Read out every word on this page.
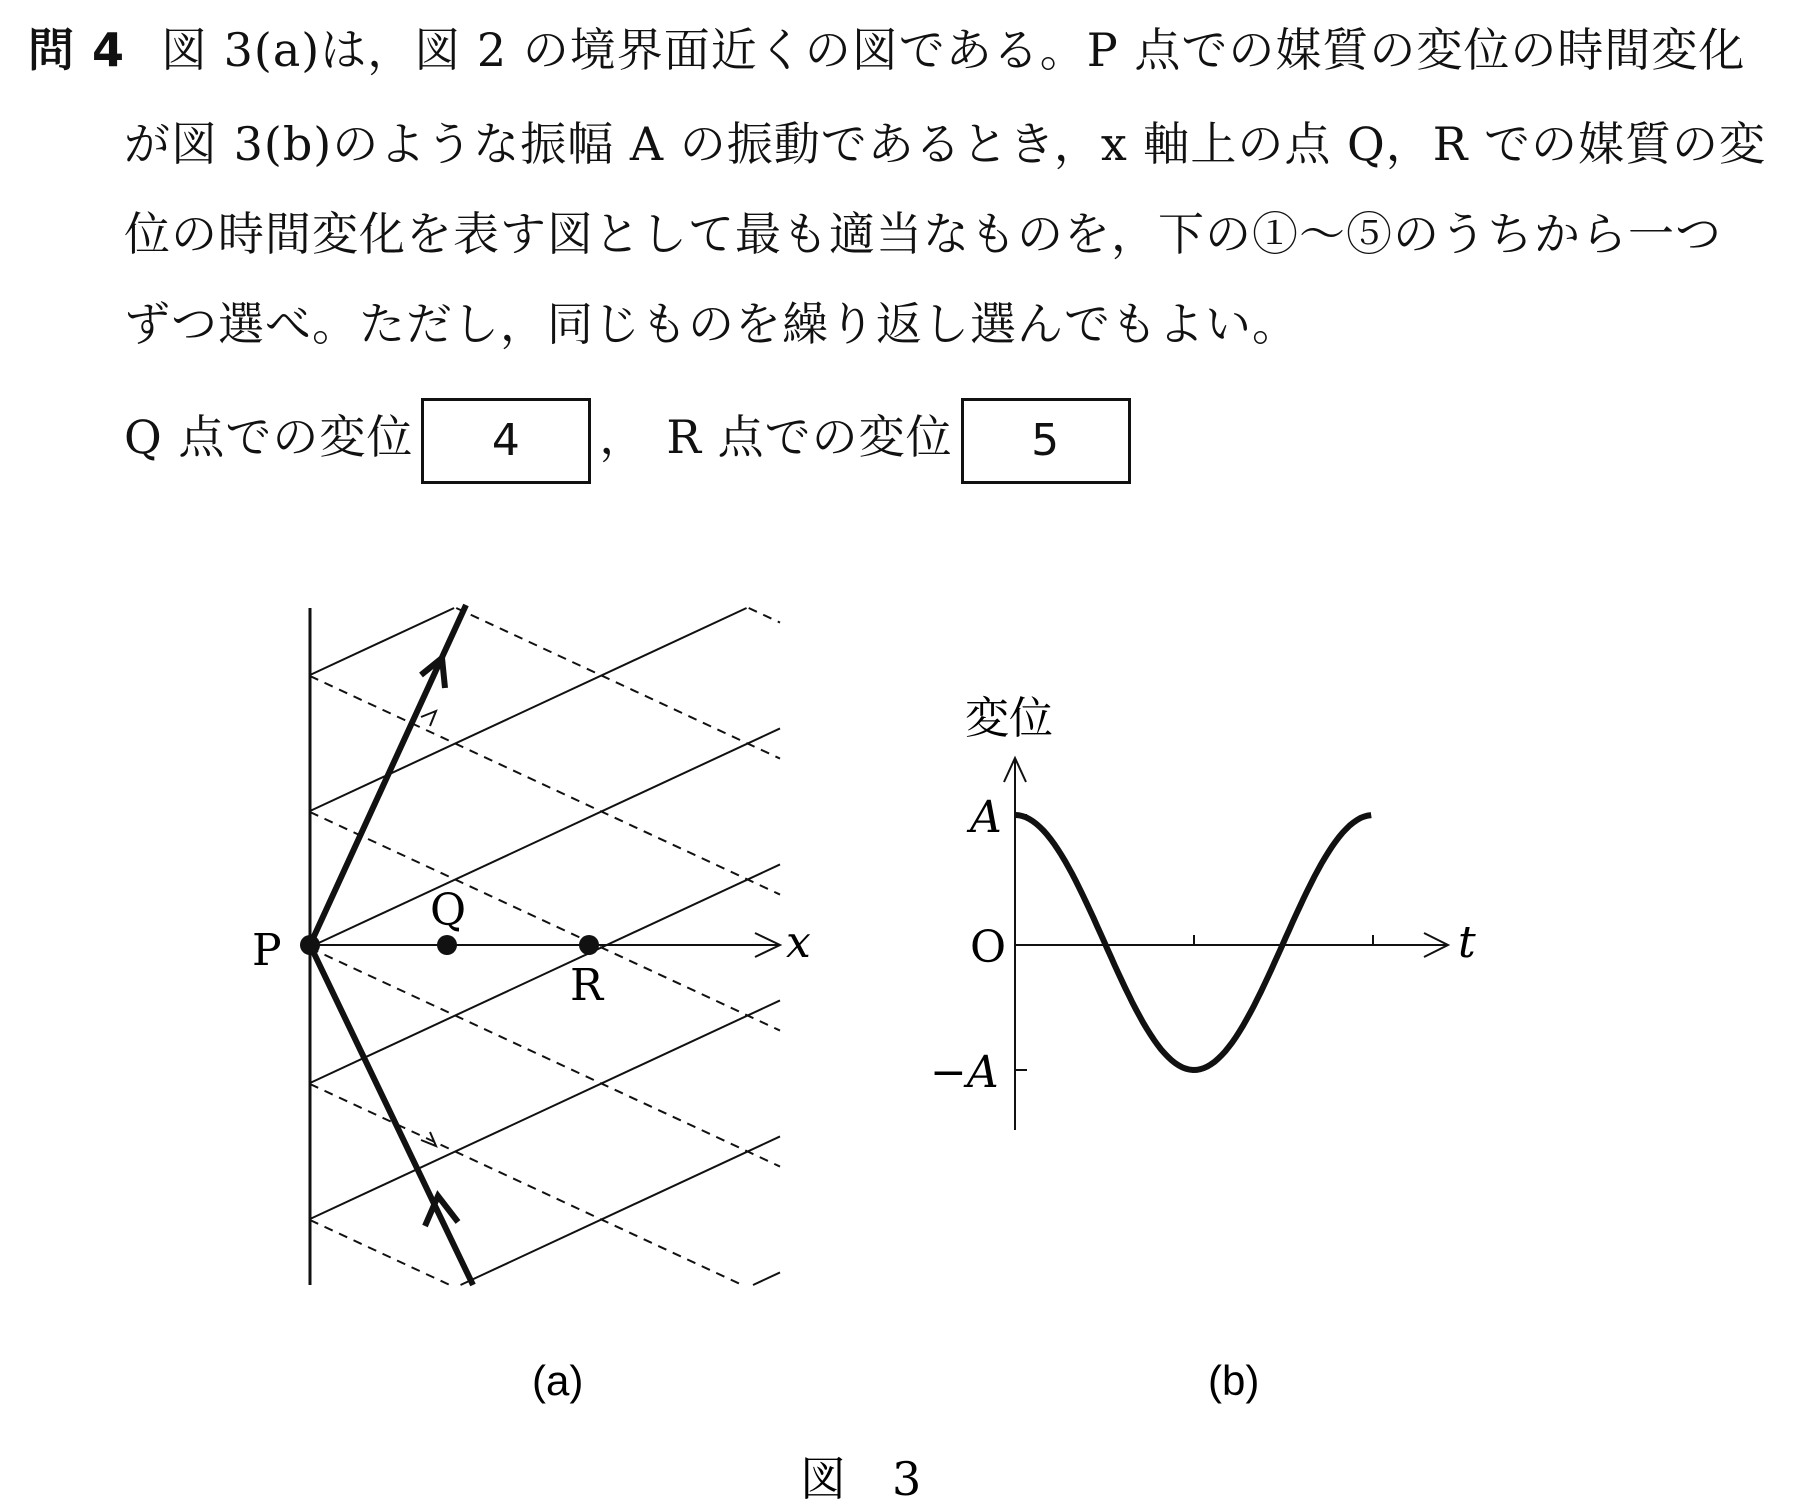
問 4 図 3(a)は，図 2 の境界面近くの図である。P 点での媒質の変位の時間変化
が図 3(b)のような振幅 A の振動であるとき，x 軸上の点 Q，R での媒質の変
位の時間変化を表す図として最も適当なものを，下の①〜⑤のうちから一つ
ずつ選べ。ただし，同じものを繰り返し選んでもよい。
Q 点での変位 4 ， R 点での変位 5
P
Q
R
x
(a)
変位
A
O
−A
t
(b)
図　3
